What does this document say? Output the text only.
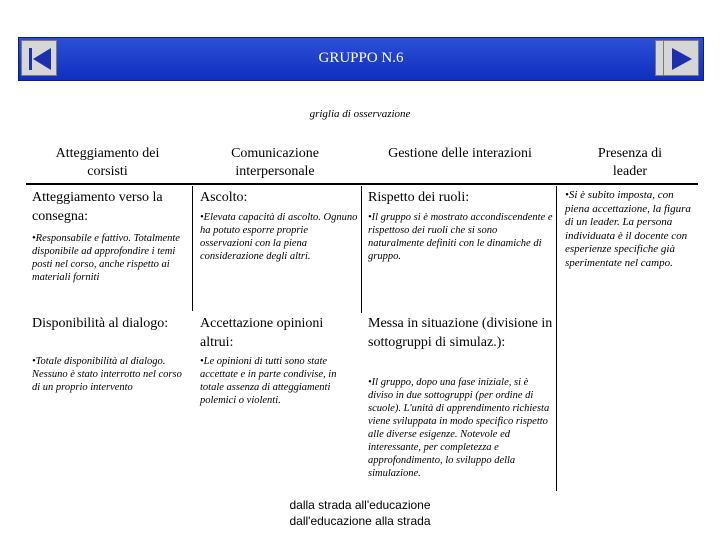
GRUPPO N.6
griglia di osservazione
Atteggiamento dei corsisti
Comunicazione interpersonale
Gestione delle interazioni	Presenza di leader
Atteggiamento verso la consegna:
•Responsabile e fattivo. Totalmente disponibile ad approfondire i temi posti nel corso, anche rispetto ai materiali forniti
Ascolto:
•Elevata capacità di ascolto. Ognuno ha potuto esporre proprie osservazioni con la piena considerazione degli altri.
Rispetto dei ruoli:
•Il gruppo si è mostrato accondiscendente e rispettoso dei ruoli che si sono naturalmente definiti con le dinamiche di gruppo.
Disponibilità al dialogo:
•Totale disponibilità al dialogo. Nessuno è stato interrotto nel corso di un proprio intervento
Accettazione opinioni altrui:
•Le opinioni di tutti sono state accettate e in parte condivise, in totale assenza di atteggiamenti polemici o violenti.
Messa in situazione (divisione in sottogruppi di simulaz.):
•Il gruppo, dopo una fase iniziale, si è diviso in due sottogruppi (per ordine di scuole). L'unità di apprendimento richiesta viene sviluppata in modo specifico rispetto alle diverse esigenze. Notevole ed interessante, per completezza e approfondimento, lo sviluppo della simulazione.
•Si è subito imposta, con piena accettazione, la figura di un leader. La persona individuata è il docente con esperienze specifiche già sperimentate nel campo.
dalla strada all'educazione
dall'educazione alla strada
